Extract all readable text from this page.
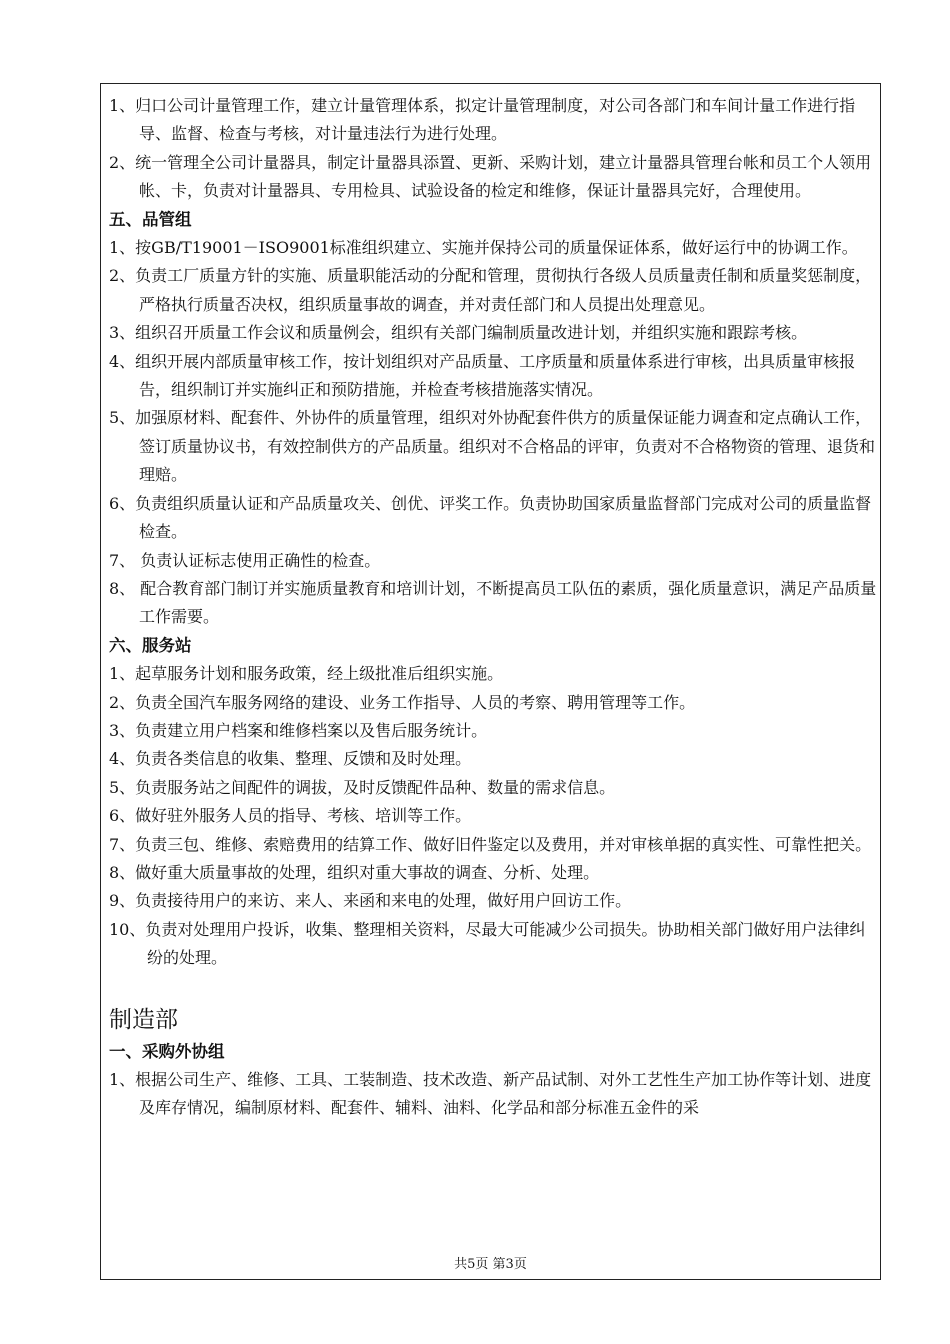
1、归口公司计量管理工作，建立计量管理体系，拟定计量管理制度，对公司各部门和车间计量工作进行指导、监督、检查与考核，对计量违法行为进行处理。

2、统一管理全公司计量器具，制定计量器具添置、更新、采购计划，建立计量器具管理台帐和员工个人领用帐、卡，负责对计量器具、专用检具、试验设备的检定和维修，保证计量器具完好，合理使用。

五、品管组

1、按GB/T19001－ISO9001标准组织建立、实施并保持公司的质量保证体系，做好运行中的协调工作。

2、负责工厂质量方针的实施、质量职能活动的分配和管理，贯彻执行各级人员质量责任制和质量奖惩制度，严格执行质量否决权，组织质量事故的调查，并对责任部门和人员提出处理意见。

3、组织召开质量工作会议和质量例会，组织有关部门编制质量改进计划，并组织实施和跟踪考核。

4、组织开展内部质量审核工作，按计划组织对产品质量、工序质量和质量体系进行审核，出具质量审核报告，组织制订并实施纠正和预防措施，并检查考核措施落实情况。

5、加强原材料、配套件、外协件的质量管理，组织对外协配套件供方的质量保证能力调查和定点确认工作，签订质量协议书，有效控制供方的产品质量。组织对不合格品的评审，负责对不合格物资的管理、退货和理赔。

6、负责组织质量认证和产品质量攻关、创优、评奖工作。负责协助国家质量监督部门完成对公司的质量监督检查。

7、 负责认证标志使用正确性的检查。

8、 配合教育部门制订并实施质量教育和培训计划，不断提高员工队伍的素质，强化质量意识，满足产品质量工作需要。

六、服务站

1、起草服务计划和服务政策，经上级批准后组织实施。

2、负责全国汽车服务网络的建设、业务工作指导、人员的考察、聘用管理等工作。

3、负责建立用户档案和维修档案以及售后服务统计。

4、负责各类信息的收集、整理、反馈和及时处理。

5、负责服务站之间配件的调拔，及时反馈配件品种、数量的需求信息。

6、做好驻外服务人员的指导、考核、培训等工作。

7、负责三包、维修、索赔费用的结算工作、做好旧件鉴定以及费用，并对审核单据的真实性、可靠性把关。

8、做好重大质量事故的处理，组织对重大事故的调查、分析、处理。

9、负责接待用户的来访、来人、来函和来电的处理，做好用户回访工作。

10、负责对处理用户投诉，收集、整理相关资料，尽最大可能减少公司损失。协助相关部门做好用户法律纠纷的处理。

制造部

一、采购外协组

1、根据公司生产、维修、工具、工装制造、技术改造、新产品试制、对外工艺性生产加工协作等计划、进度及库存情况，编制原材料、配套件、辅料、油料、化学品和部分标准五金件的采

共5页 第3页
